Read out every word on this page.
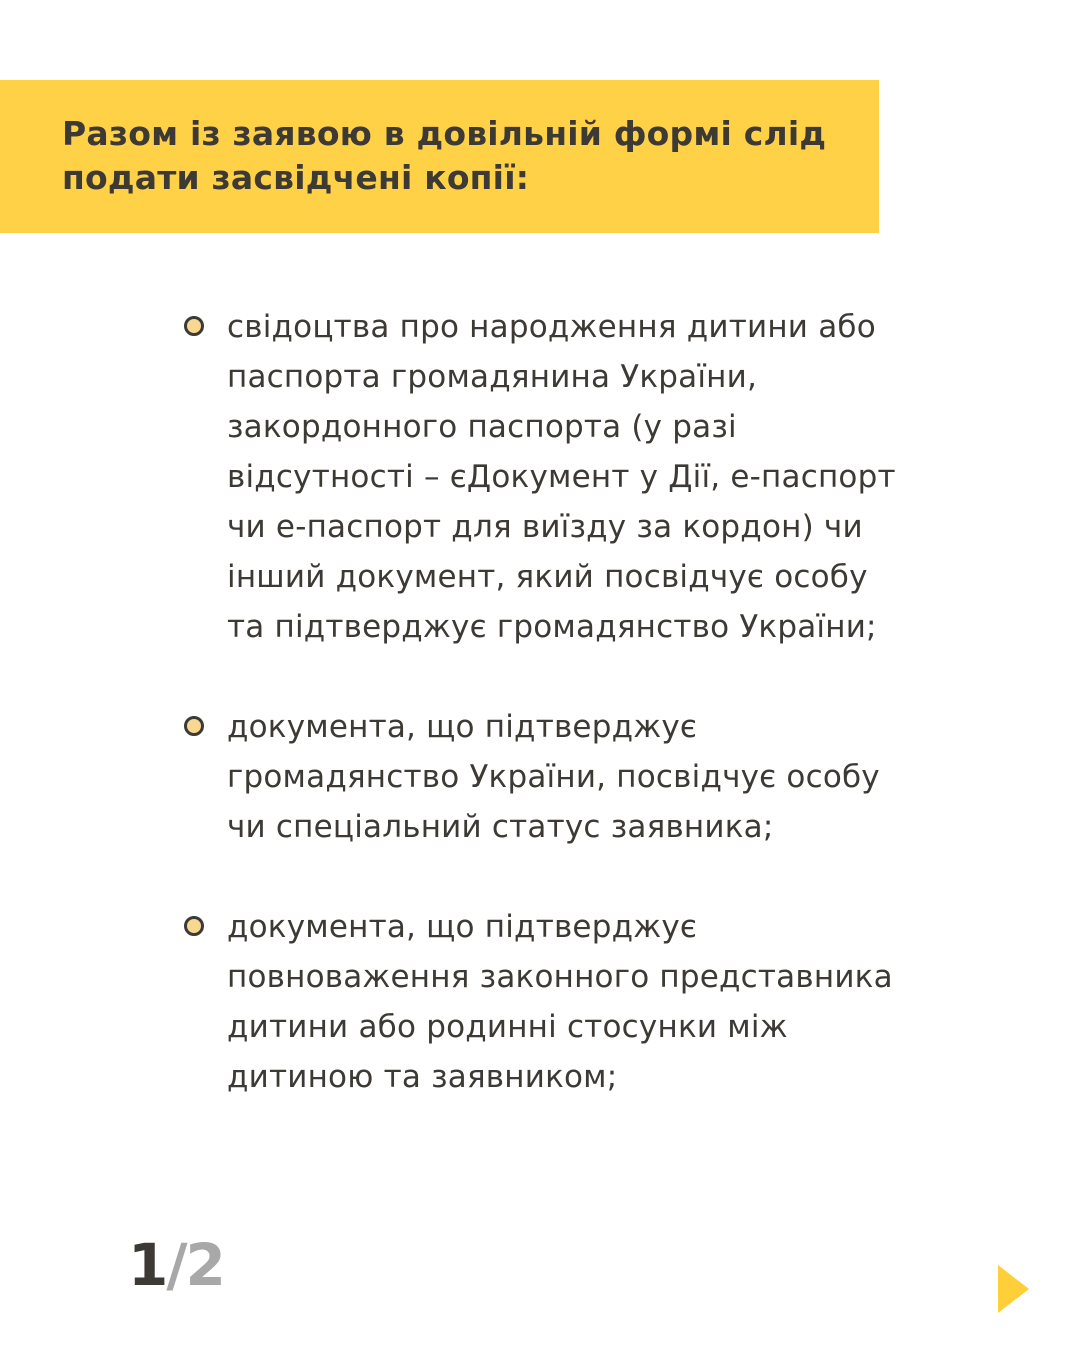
Разом із заявою в довільній формі слід
подати засвідчені копії:
свідоцтва про народження дитини або
паспорта громадянина України,
закордонного паспорта (у разі
відсутності – єДокумент у Дії, е-паспорт
чи е-паспорт для виїзду за кордон) чи
інший документ, який посвідчує особу
та підтверджує громадянство України;
документа, що підтверджує
громадянство України, посвідчує особу
чи спеціальний статус заявника;
документа, що підтверджує
повноваження законного представника
дитини або родинні стосунки між
дитиною та заявником;
1/2
